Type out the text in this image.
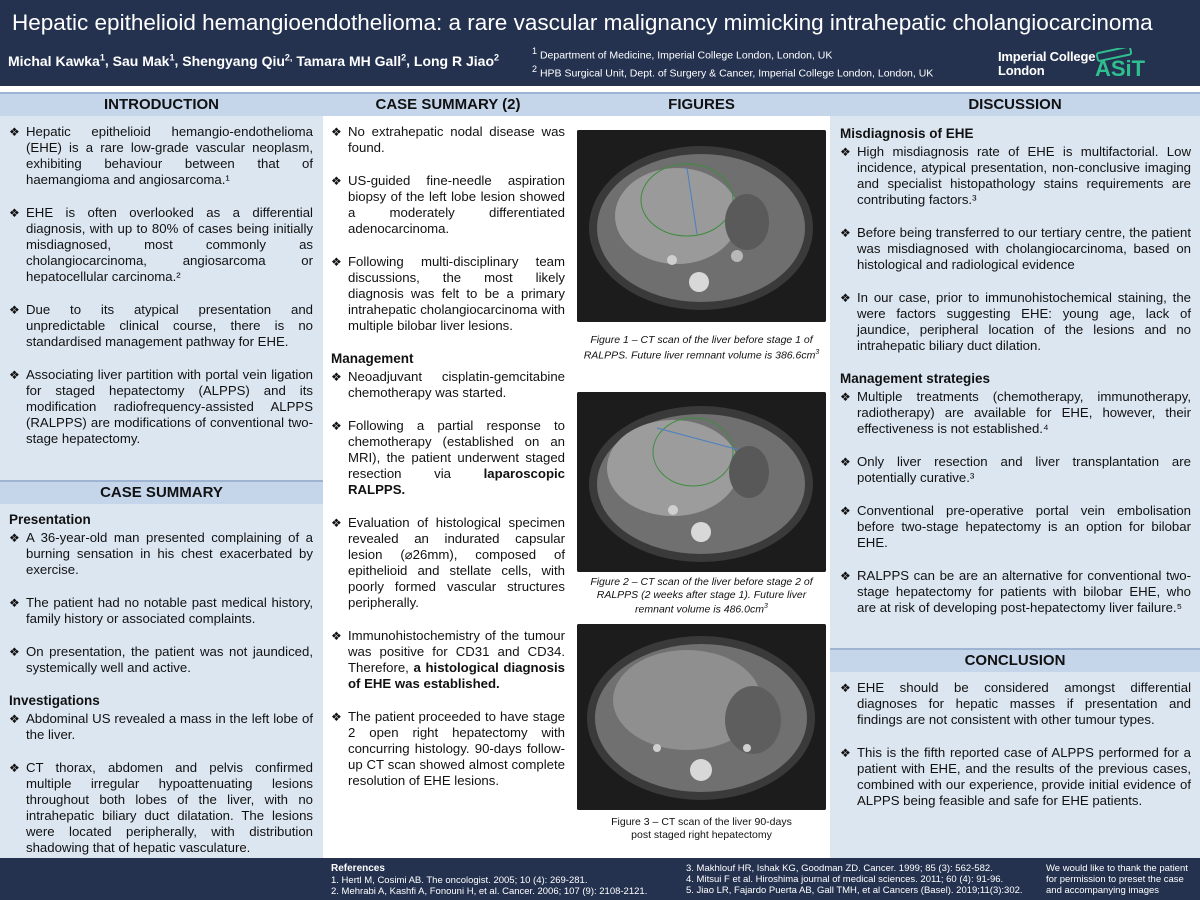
Hepatic epithelioid hemangioendothelioma: a rare vascular malignancy mimicking intrahepatic cholangiocarcinoma
Michal Kawka$^1$, Sau Mak$^1$, Shengyang Qiu$^{2,}$ Tamara MH Gall$^2$, Long R Jiao$^2$
$^1$ Department of Medicine, Imperial College London, London, UK
$^2$ HPB Surgical Unit, Dept. of Surgery & Cancer, Imperial College London, London, UK
Imperial College
London	ASiT
INTRODUCTION
❖ Hepatic epithelioid hemangio-endothelioma (EHE) is a rare low-grade vascular neoplasm, exhibiting behaviour between that of haemangioma and angiosarcoma.¹
❖ EHE is often overlooked as a differential diagnosis, with up to 80% of cases being initially misdiagnosed, most commonly as cholangiocarcinoma, angiosarcoma or hepatocellular carcinoma.²
❖ Due to its atypical presentation and unpredictable clinical course, there is no standardised management pathway for EHE.
❖ Associating liver partition with portal vein ligation for staged hepatectomy (ALPPS) and its modification radiofrequency-assisted ALPPS (RALPPS) are modifications of conventional two-stage hepatectomy.
CASE SUMMARY
Presentation
❖ A 36-year-old man presented complaining of a burning sensation in his chest exacerbated by exercise.
❖ The patient had no notable past medical history, family history or associated complaints.
❖ On presentation, the patient was not jaundiced, systemically well and active.
Investigations
❖ Abdominal US revealed a mass in the left lobe of the liver.
❖ CT thorax, abdomen and pelvis confirmed multiple irregular hypoattenuating lesions throughout both lobes of the liver, with no intrahepatic biliary duct dilatation. The lesions were located peripherally, with distribution shadowing that of hepatic vasculature.
CASE SUMMARY (2)
❖ No extrahepatic nodal disease was found.
❖ US-guided fine-needle aspiration biopsy of the left lobe lesion showed a moderately differentiated adenocarcinoma.
❖ Following multi-disciplinary team discussions, the most likely diagnosis was felt to be a primary intrahepatic cholangiocarcinoma with multiple bilobar liver lesions.
Management
❖ Neoadjuvant cisplatin-gemcitabine chemotherapy was started.
❖ Following a partial response to chemotherapy (established on an MRI), the patient underwent staged resection via laparoscopic RALPPS.
❖ Evaluation of histological specimen revealed an indurated capsular lesion (⌀26mm), composed of epithelioid and stellate cells, with poorly formed vascular structures peripherally.
❖ Immunohistochemistry of the tumour was positive for CD31 and CD34. Therefore, a histological diagnosis of EHE was established.
❖ The patient proceeded to have stage 2 open right hepatectomy with concurring histology. 90-days follow-up CT scan showed almost complete resolution of EHE lesions.
FIGURES
Figure 1 – CT scan of the liver before stage 1 of RALPPS. Future liver remnant volume is $386.6cm^3$
Figure 2 – CT scan of the liver before stage 2 of RALPPS (2 weeks after stage 1). Future liver remnant volume is $486.0cm^3$
Figure 3 – CT scan of the liver 90-days
post staged right hepatectomy
DISCUSSION
Misdiagnosis of EHE
❖ High misdiagnosis rate of EHE is multifactorial. Low incidence, atypical presentation, non-conclusive imaging and specialist histopathology stains requirements are contributing factors.³
❖ Before being transferred to our tertiary centre, the patient was misdiagnosed with cholangiocarcinoma, based on histological and radiological evidence
❖ In our case, prior to immunohistochemical staining, the were factors suggesting EHE: young age, lack of jaundice, peripheral location of the lesions and no intrahepatic biliary duct dilation.
Management strategies
❖ Multiple treatments (chemotherapy, immunotherapy, radiotherapy) are available for EHE, however, their effectiveness is not established.⁴
❖ Only liver resection and liver transplantation are potentially curative.³
❖ Conventional pre-operative portal vein embolisation before two-stage hepatectomy is an option for bilobar EHE.
❖ RALPPS can be are an alternative for conventional two-stage hepatectomy for patients with bilobar EHE, who are at risk of developing post-hepatectomy liver failure.⁵
CONCLUSION
❖ EHE should be considered amongst differential diagnoses for hepatic masses if presentation and findings are not consistent with other tumour types.
❖ This is the fifth reported case of ALPPS performed for a patient with EHE, and the results of the previous cases, combined with our experience, provide initial evidence of ALPPS being feasible and safe for EHE patients.
References
1. Hertl M, Cosimi AB. The oncologist. 2005; 10 (4): 269-281.
2. Mehrabi A, Kashfi A, Fonouni H, et al. Cancer. 2006; 107 (9): 2108-2121.
3. Makhlouf HR, Ishak KG, Goodman ZD. Cancer. 1999; 85 (3): 562-582.
4. Mitsui F et al. Hiroshima journal of medical sciences. 2011; 60 (4): 91-96.
5. Jiao LR, Fajardo Puerta AB, Gall TMH, et al Cancers (Basel). 2019;11(3):302.
We would like to thank the patient for permission to preset the case and accompanying images
